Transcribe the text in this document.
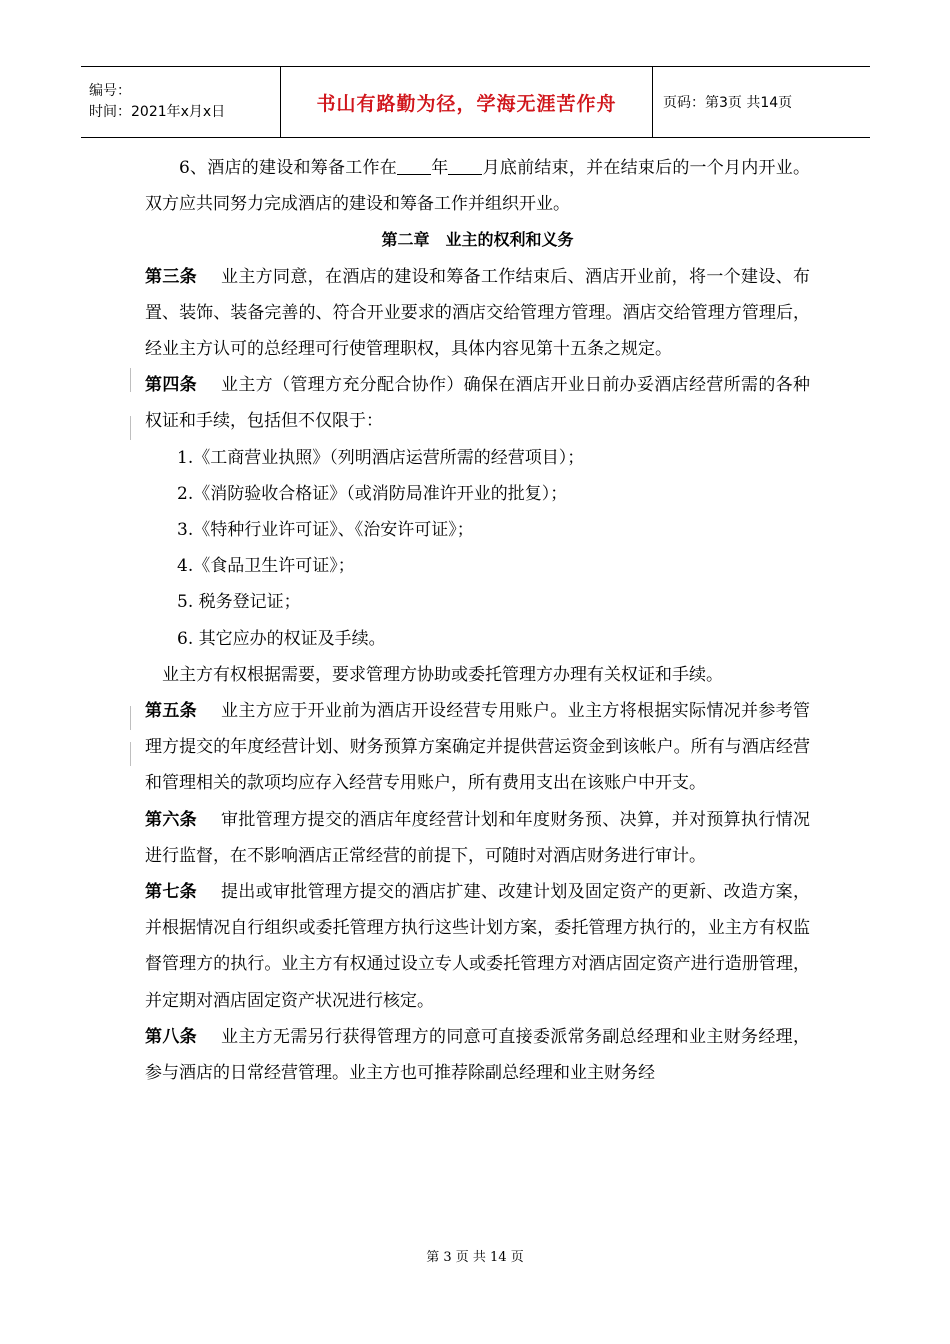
编号：
时间：2021年x月x日	书山有路勤为径，学海无涯苦作舟	页码：第3页 共14页

6、酒店的建设和筹备工作在 年 月底前结束，并在结束后的一个月内开业。双方应共同努力完成酒店的建设和筹备工作并组织开业。

第二章　业主的权利和义务

第三条 业主方同意，在酒店的建设和筹备工作结束后、酒店开业前，将一个建设、布置、装饰、装备完善的、符合开业要求的酒店交给管理方管理。酒店交给管理方管理后，经业主方认可的总经理可行使管理职权，具体内容见第十五条之规定。

第四条 业主方（管理方充分配合协作）确保在酒店开业日前办妥酒店经营所需的各种权证和手续，包括但不仅限于：

1.《工商营业执照》（列明酒店运营所需的经营项目）；

2.《消防验收合格证》（或消防局准许开业的批复）；

3.《特种行业许可证》、《治安许可证》；

4.《食品卫生许可证》；

5. 税务登记证；

6. 其它应办的权证及手续。

业主方有权根据需要，要求管理方协助或委托管理方办理有关权证和手续。

第五条 业主方应于开业前为酒店开设经营专用账户。业主方将根据实际情况并参考管理方提交的年度经营计划、财务预算方案确定并提供营运资金到该帐户。所有与酒店经营和管理相关的款项均应存入经营专用账户，所有费用支出在该账户中开支。

第六条 审批管理方提交的酒店年度经营计划和年度财务预、决算，并对预算执行情况进行监督，在不影响酒店正常经营的前提下，可随时对酒店财务进行审计。

第七条 提出或审批管理方提交的酒店扩建、改建计划及固定资产的更新、改造方案，并根据情况自行组织或委托管理方执行这些计划方案，委托管理方执行的，业主方有权监督管理方的执行。业主方有权通过设立专人或委托管理方对酒店固定资产进行造册管理，并定期对酒店固定资产状况进行核定。

第八条 业主方无需另行获得管理方的同意可直接委派常务副总经理和业主财务经理，参与酒店的日常经营管理。业主方也可推荐除副总经理和业主财务经

第 3 页 共 14 页
